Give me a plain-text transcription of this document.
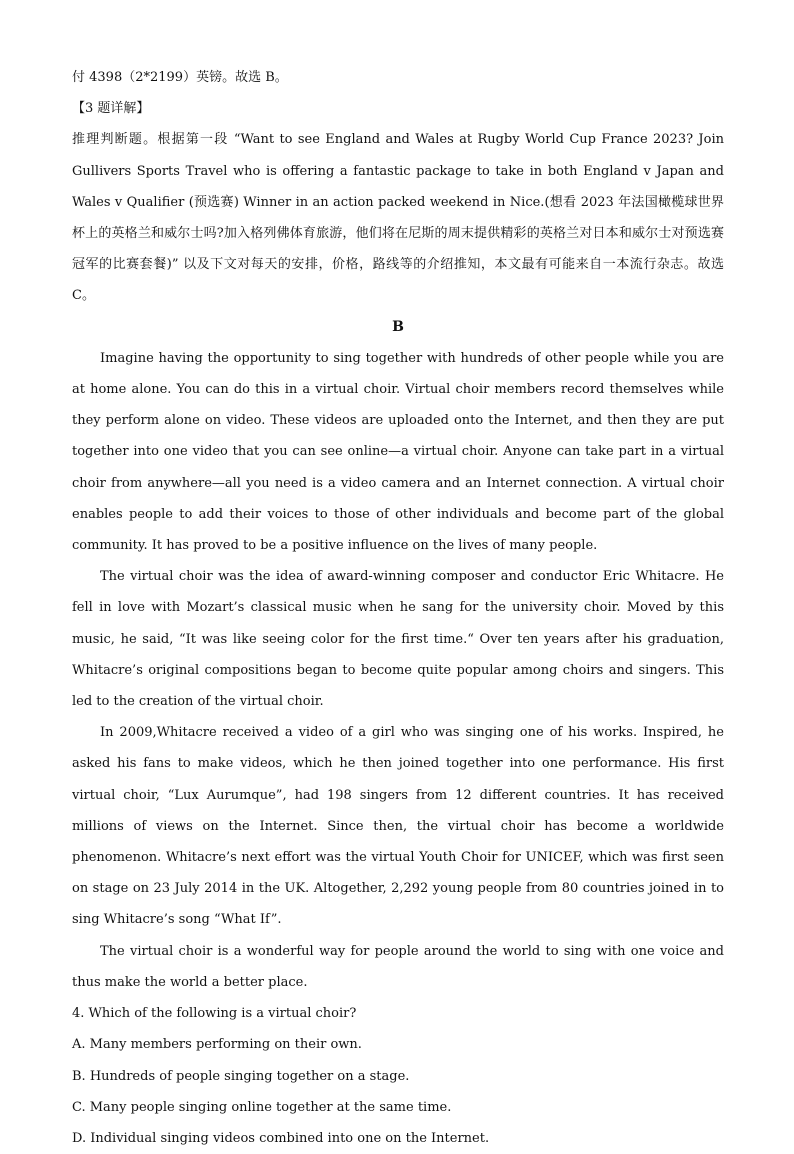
付 4398（2*2199）英镑。故选 B。

【3 题详解】

推理判断题。根据第一段 “Want to see England and Wales at Rugby World Cup France 2023? Join Gullivers Sports Travel who is offering a fantastic package to take in both England v Japan and Wales v Qualifier (预选赛) Winner in an action packed weekend in Nice.(想看 2023 年法国橄榄球世界杯上的英格兰和威尔士吗?加入格列佛体育旅游，他们将在尼斯的周末提供精彩的英格兰对日本和威尔士对预选赛冠军的比赛套餐)” 以及下文对每天的安排，价格，路线等的介绍推知，本文最有可能来自一本流行杂志。故选 C。

B

Imagine having the opportunity to sing together with hundreds of other people while you are at home alone. You can do this in a virtual choir. Virtual choir members record themselves while they perform alone on video. These videos are uploaded onto the Internet, and then they are put together into one video that you can see online—a virtual choir. Anyone can take part in a virtual choir from anywhere—all you need is a video camera and an Internet connection. A virtual choir enables people to add their voices to those of other individuals and become part of the global community. It has proved to be a positive influence on the lives of many people.

The virtual choir was the idea of award-winning composer and conductor Eric Whitacre. He fell in love with Mozart’s classical music when he sang for the university choir. Moved by this music, he said, “It was like seeing color for the first time.“ Over ten years after his graduation, Whitacre’s original compositions began to become quite popular among choirs and singers. This led to the creation of the virtual choir.

In 2009,Whitacre received a video of a girl who was singing one of his works. Inspired, he asked his fans to make videos, which he then joined together into one performance. His first virtual choir, “Lux Aurumque”, had 198 singers from 12 different countries. It has received millions of views on the Internet. Since then, the virtual choir has become a worldwide phenomenon. Whitacre’s next effort was the virtual Youth Choir for UNICEF, which was first seen on stage on 23 July 2014 in the UK. Altogether, 2,292 young people from 80 countries joined in to sing Whitacre’s song “What If”.

The virtual choir is a wonderful way for people around the world to sing with one voice and thus make the world a better place.

4. Which of the following is a virtual choir?

A. Many members performing on their own.

B. Hundreds of people singing together on a stage.

C. Many people singing online together at the same time.

D. Individual singing videos combined into one on the Internet.
